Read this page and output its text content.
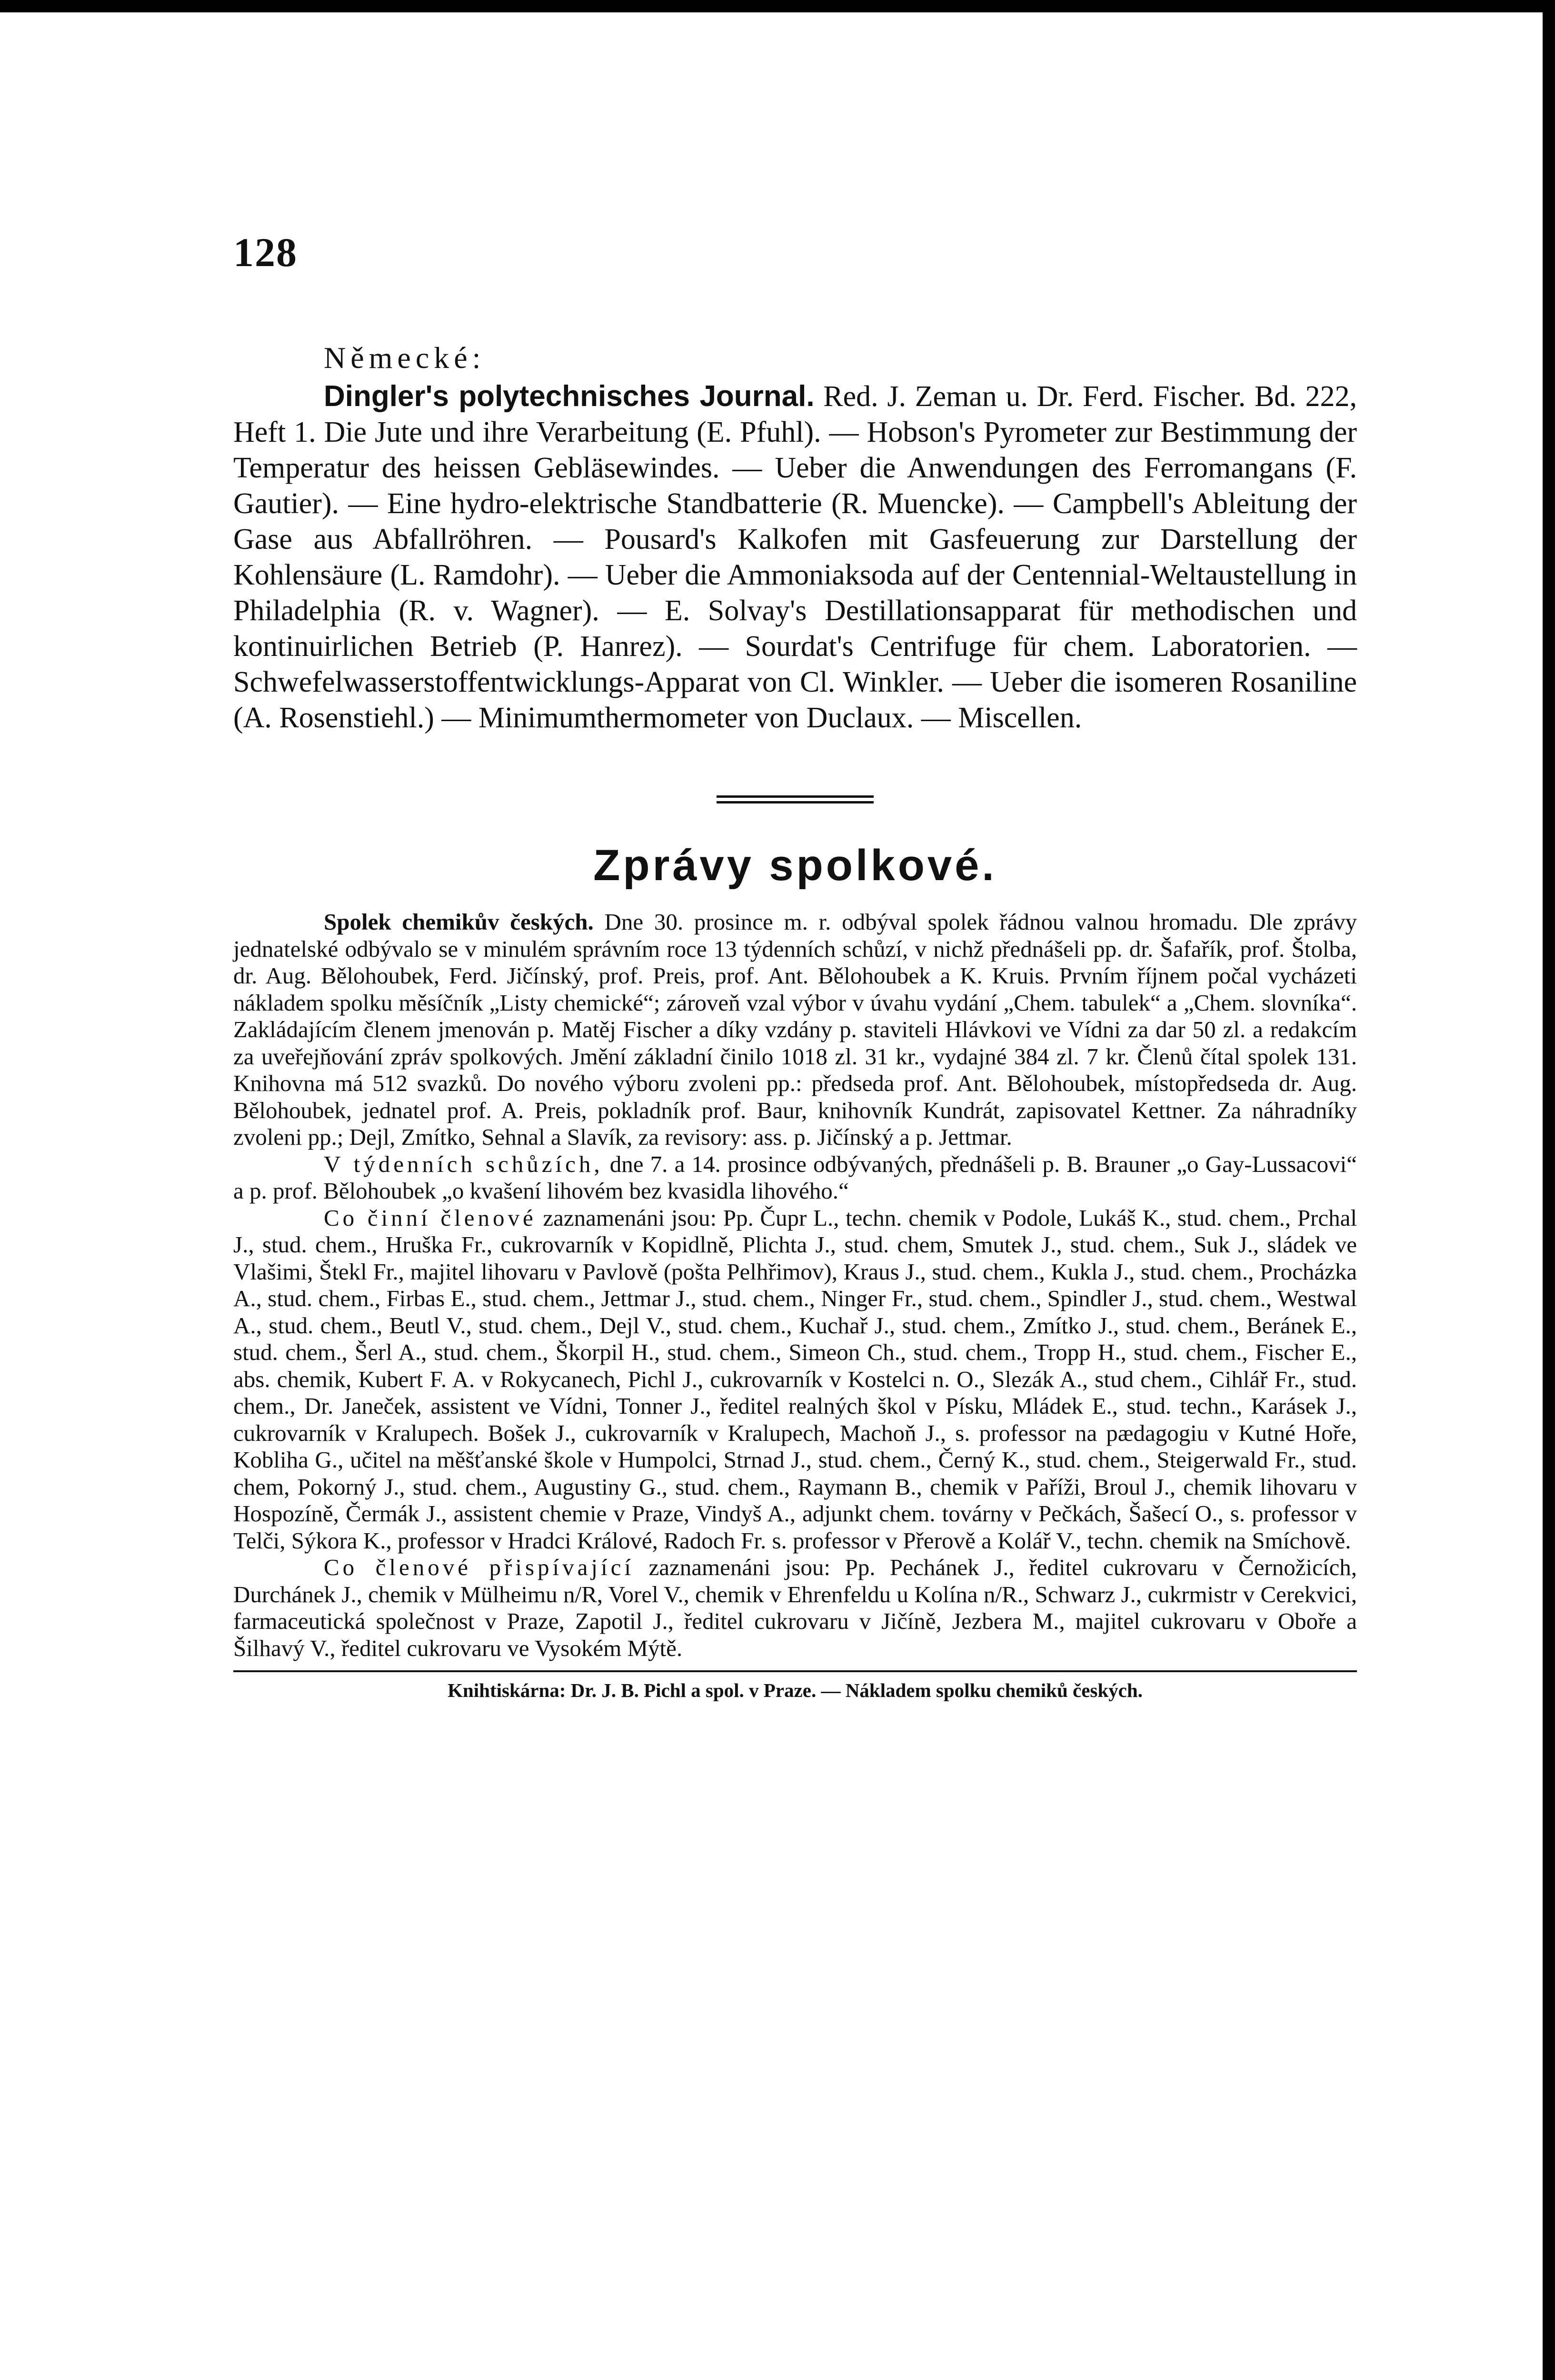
128
Německé:
Dingler's polytechnisches Journal. Red. J. Zeman u. Dr. Ferd. Fischer. Bd. 222, Heft 1. Die Jute und ihre Verarbeitung (E. Pfuhl). — Hobson's Pyrometer zur Bestimmung der Temperatur des heissen Gebläsewindes. — Ueber die Anwendungen des Ferromangans (F. Gautier). — Eine hydro-elektrische Standbatterie (R. Muencke). — Campbell's Ableitung der Gase aus Abfallröhren. — Pousard's Kalkofen mit Gasfeuerung zur Darstellung der Kohlensäure (L. Ramdohr). — Ueber die Ammoniaksoda auf der Centennial-Weltaustellung in Philadelphia (R. v. Wagner). — E. Solvay's Destillationsapparat für methodischen und kontinuirlichen Betrieb (P. Hanrez). — Sourdat's Centrifuge für chem. Laboratorien. — Schwefelwasserstoffentwicklungs-Apparat von Cl. Winkler. — Ueber die isomeren Rosaniline (A. Rosenstiehl.) — Minimumthermometer von Duclaux. — Miscellen.
Zprávy spolkové.

Spolek chemikův českých. Dne 30. prosince m. r. odbýval spolek řádnou valnou hromadu. Dle zprávy jednatelské odbývalo se v minulém správním roce 13 týdenních schůzí, v nichž přednášeli pp. dr. Šafařík, prof. Štolba, dr. Aug. Bělohoubek, Ferd. Jičínský, prof. Preis, prof. Ant. Bělohoubek a K. Kruis. Prvním říjnem počal vycházeti nákladem spolku měsíčník „Listy chemické“; zároveň vzal výbor v úvahu vydání „Chem. tabulek“ a „Chem. slovníka“. Zakládajícím členem jmenován p. Matěj Fischer a díky vzdány p. staviteli Hlávkovi ve Vídni za dar 50 zl. a redakcím za uveřejňování zpráv spolkových. Jmění základní činilo 1018 zl. 31 kr., vydajné 384 zl. 7 kr. Členů čítal spolek 131. Knihovna má 512 svazků. Do nového výboru zvoleni pp.: předseda prof. Ant. Bělohoubek, místopředseda dr. Aug. Bělohoubek, jednatel prof. A. Preis, pokladník prof. Baur, knihovník Kundrát, zapisovatel Kettner. Za náhradníky zvoleni pp.; Dejl, Zmítko, Sehnal a Slavík, za revisory: ass. p. Jičínský a p. Jettmar.

V týdenních schůzích, dne 7. a 14. prosince odbývaných, přednášeli p. B. Brauner „o Gay-Lussacovi“ a p. prof. Bělohoubek „o kvašení lihovém bez kvasidla lihového.“

Co činní členové zaznamenáni jsou: Pp. Čupr L., techn. chemik v Podole, Lukáš K., stud. chem., Prchal J., stud. chem., Hruška Fr., cukrovarník v Kopidlně, Plichta J., stud. chem, Smutek J., stud. chem., Suk J., sládek ve Vlašimi, Štekl Fr., majitel lihovaru v Pavlově (pošta Pelhřimov), Kraus J., stud. chem., Kukla J., stud. chem., Procházka A., stud. chem., Firbas E., stud. chem., Jettmar J., stud. chem., Ninger Fr., stud. chem., Spindler J., stud. chem., Westwal A., stud. chem., Beutl V., stud. chem., Dejl V., stud. chem., Kuchař J., stud. chem., Zmítko J., stud. chem., Beránek E., stud. chem., Šerl A., stud. chem., Škorpil H., stud. chem., Simeon Ch., stud. chem., Tropp H., stud. chem., Fischer E., abs. chemik, Kubert F. A. v Rokycanech, Pichl J., cukrovarník v Kostelci n. O., Slezák A., stud chem., Cihlář Fr., stud. chem., Dr. Janeček, assistent ve Vídni, Tonner J., ředitel realných škol v Písku, Mládek E., stud. techn., Karásek J., cukrovarník v Kralupech. Bošek J., cukrovarník v Kralupech, Machoň J., s. professor na pædagogiu v Kutné Hoře, Kobliha G., učitel na měšťanské škole v Humpolci, Strnad J., stud. chem., Černý K., stud. chem., Steigerwald Fr., stud. chem, Pokorný J., stud. chem., Augustiny G., stud. chem., Raymann B., chemik v Paříži, Broul J., chemik lihovaru v Hospozíně, Čermák J., assistent chemie v Praze, Vindyš A., adjunkt chem. továrny v Pečkách, Šašecí O., s. professor v Telči, Sýkora K., professor v Hradci Králové, Radoch Fr. s. professor v Přerově a Kolář V., techn. chemik na Smíchově.

Co členové přispívající zaznamenáni jsou: Pp. Pechánek J., ředitel cukrovaru v Černožicích, Durchánek J., chemik v Mülheimu n/R, Vorel V., chemik v Ehrenfeldu u Kolína n/R., Schwarz J., cukrmistr v Cerekvici, farmaceutická společnost v Praze, Zapotil J., ředitel cukrovaru v Jičíně, Jezbera M., majitel cukrovaru v Oboře a Šilhavý V., ředitel cukrovaru ve Vysokém Mýtě.

Knihtiskárna: Dr. J. B. Pichl a spol. v Praze. — Nákladem spolku chemiků českých.
